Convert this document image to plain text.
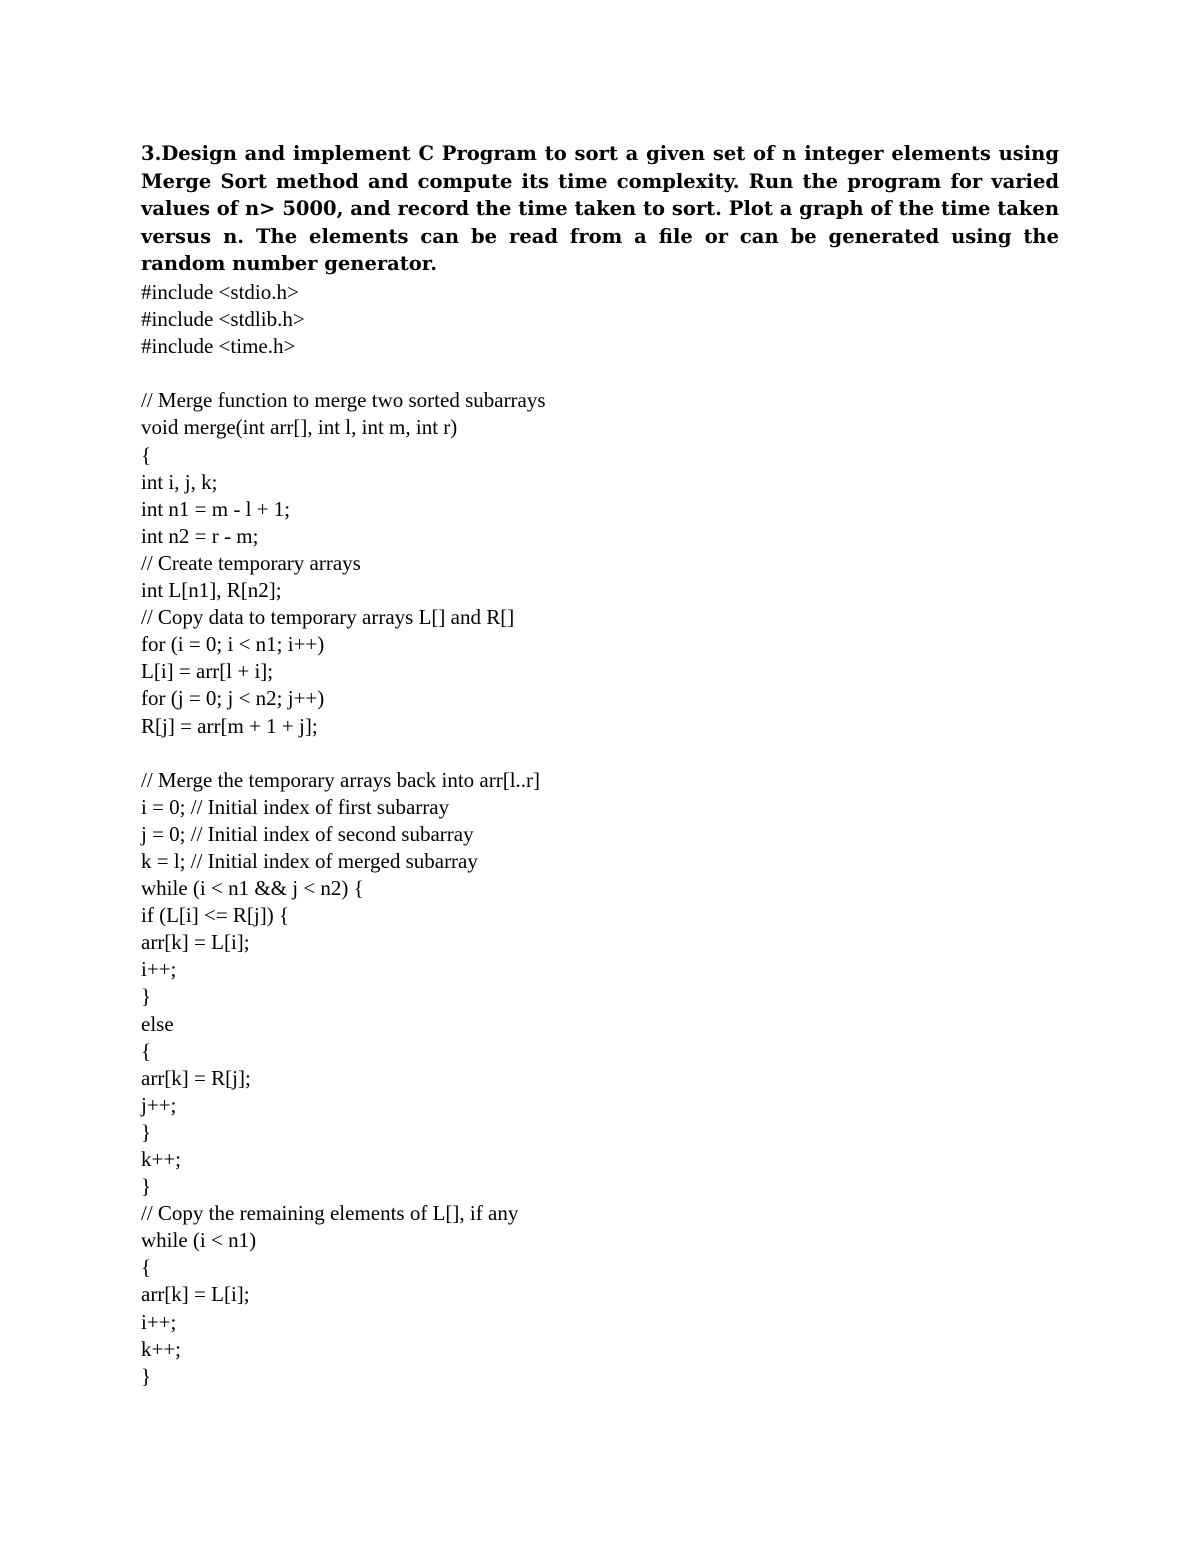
3.Design and implement C Program to sort a given set of n integer elements using Merge Sort method and compute its time complexity. Run the program for varied values of n> 5000, and record the time taken to sort. Plot a graph of the time taken versus n. The elements can be read from a file or can be generated using the random number generator.

#include <stdio.h>
#include <stdlib.h>
#include <time.h>
// Merge function to merge two sorted subarrays
void merge(int arr[], int l, int m, int r)
{
int i, j, k;
int n1 = m - l + 1;
int n2 = r - m;
// Create temporary arrays
int L[n1], R[n2];
// Copy data to temporary arrays L[] and R[]
for (i = 0; i < n1; i++)
L[i] = arr[l + i];
for (j = 0; j < n2; j++)
R[j] = arr[m + 1 + j];
// Merge the temporary arrays back into arr[l..r]
i = 0; // Initial index of first subarray
j = 0; // Initial index of second subarray
k = l; // Initial index of merged subarray
while (i < n1 && j < n2) {
if (L[i] <= R[j]) {
arr[k] = L[i];
i++;
}
else
{
arr[k] = R[j];
j++;
}
k++;
}
// Copy the remaining elements of L[], if any
while (i < n1)
{
arr[k] = L[i];
i++;
k++;
}
